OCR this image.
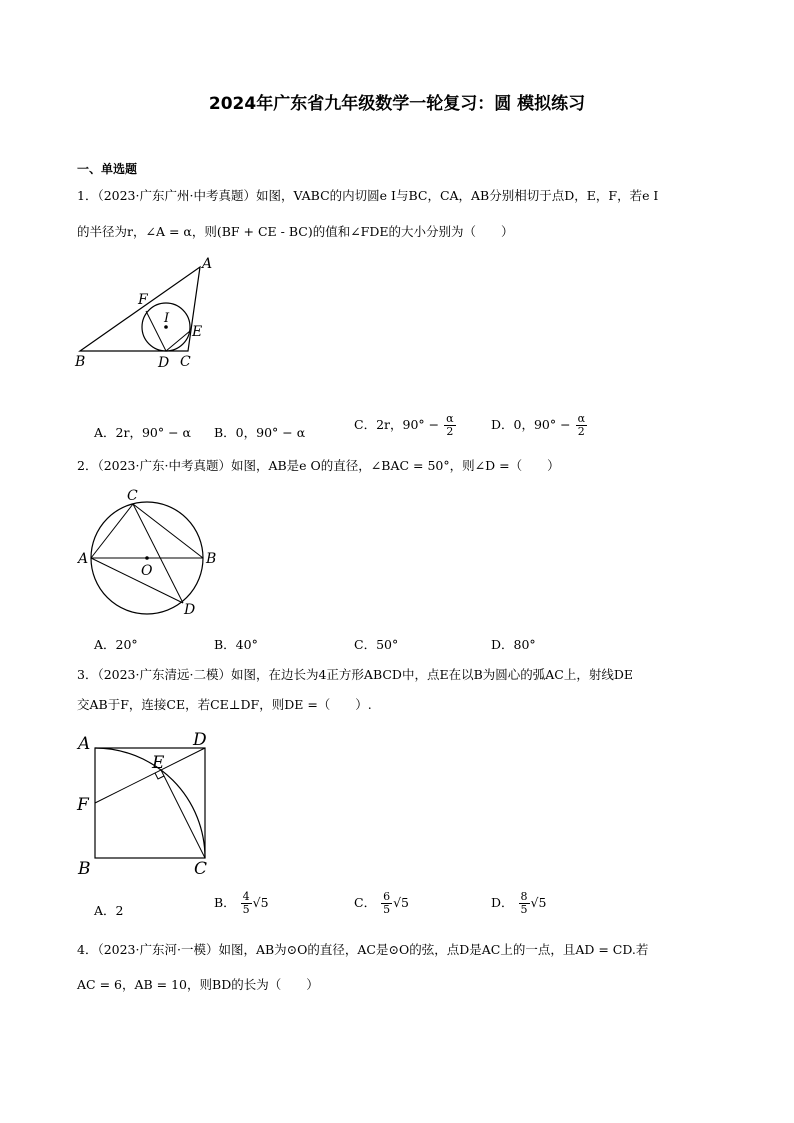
2024年广东省九年级数学一轮复习：圆 模拟练习
一、单选题
1．（2023·广东广州·中考真题）如图，VABC的内切圆e I与BC，CA，AB分别相切于点D，E，F，若e I
的半径为r，∠A = α，则(BF + CE - BC)的值和∠FDE的大小分别为（　　）
A
B	C
D
E
F
I
A．2r，90° − α B．0，90° − α
C．2r，$90^\circ - \frac{\alpha}{2}$	D．0，$90^\circ - \frac{\alpha}{2}$
2．（2023·广东·中考真题）如图，AB是e O的直径，∠BAC = 50°，则∠D =（　　）
A	B
C
D
O
A．20°	B．40°	C．50°	D．80°
3．（2023·广东清远·二模）如图，在边长为4正方形ABCD中，点E在以B为圆心的弧AC上，射线DE
交AB于F，连接CE，若CE⊥DF，则DE =（　　）.
A
B	C
D
E
F
A．2
B． $\frac{4}{5} √5$	C． $\frac{6}{5} √5$	D． $\frac{8}{5} √5$
4．（2023·广东河·一模）如图，AB为⊙O的直径，AC是⊙O的弦，点D是AC上的一点，且AD = CD.若
AC = 6，AB = 10，则BD的长为（　　）
